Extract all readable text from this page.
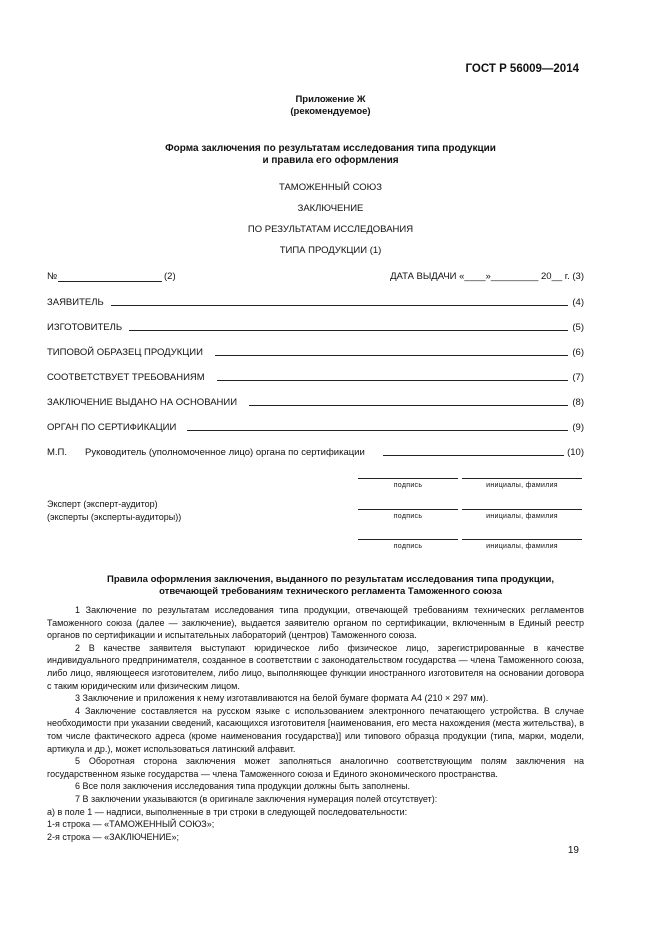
ГОСТ Р 56009—2014
Приложение Ж
(рекомендуемое)
Форма заключения по результатам исследования типа продукции
и правила его оформления
ТАМОЖЕННЫЙ СОЮЗ
ЗАКЛЮЧЕНИЕ
ПО РЕЗУЛЬТАТАМ ИССЛЕДОВАНИЯ
ТИПА ПРОДУКЦИИ (1)
№	(2)	ДАТА ВЫДАЧИ «____»_________ 20__ г. (3)
ЗАЯВИТЕЛЬ	(4)
ИЗГОТОВИТЕЛЬ	(5)
ТИПОВОЙ ОБРАЗЕЦ ПРОДУКЦИИ	(6)
СООТВЕТСТВУЕТ ТРЕБОВАНИЯМ	(7)
ЗАКЛЮЧЕНИЕ ВЫДАНО НА ОСНОВАНИИ	(8)
ОРГАН ПО СЕРТИФИКАЦИИ	(9)
М.П. Руководитель (уполномоченное лицо) органа по сертификации	(10)
подпись	инициалы, фамилия
Эксперт (эксперт-аудитор)
(эксперты (эксперты-аудиторы))	подпись	инициалы, фамилия
подпись	инициалы, фамилия
Правила оформления заключения, выданного по результатам исследования типа продукции,
отвечающей требованиям технического регламента Таможенного союза

1 Заключение по результатам исследования типа продукции, отвечающей требованиям технических регламентов Таможенного союза (далее — заключение), выдается заявителю органом по сертификации, включенным в Единый реестр органов по сертификации и испытательных лабораторий (центров) Таможенного союза.

2 В качестве заявителя выступают юридическое либо физическое лицо, зарегистрированные в качестве индивидуального предпринимателя, созданное в соответствии с законодательством государства — члена Таможенного союза, либо лицо, являющееся изготовителем, либо лицо, выполняющее функции иностранного изготовителя на основании договора с таким юридическим или физическим лицом.

3 Заключение и приложения к нему изготавливаются на белой бумаге формата А4 (210 × 297 мм).

4 Заключение составляется на русском языке с использованием электронного печатающего устройства. В случае необходимости при указании сведений, касающихся изготовителя [наименования, его места нахождения (места жительства), в том числе фактического адреса (кроме наименования государства)] или типового образца продукции (типа, марки, модели, артикула и др.), может использоваться латинский алфавит.

5 Оборотная сторона заключения может заполняться аналогично соответствующим полям заключения на государственном языке государства — члена Таможенного союза и Единого экономического пространства.

6 Все поля заключения исследования типа продукции должны быть заполнены.

7 В заключении указываются (в оригинале заключения нумерация полей отсутствует):

а) в поле 1 — надписи, выполненные в три строки в следующей последовательности:

1-я строка — «ТАМОЖЕННЫЙ СОЮЗ»;

2-я строка — «ЗАКЛЮЧЕНИЕ»;

19
